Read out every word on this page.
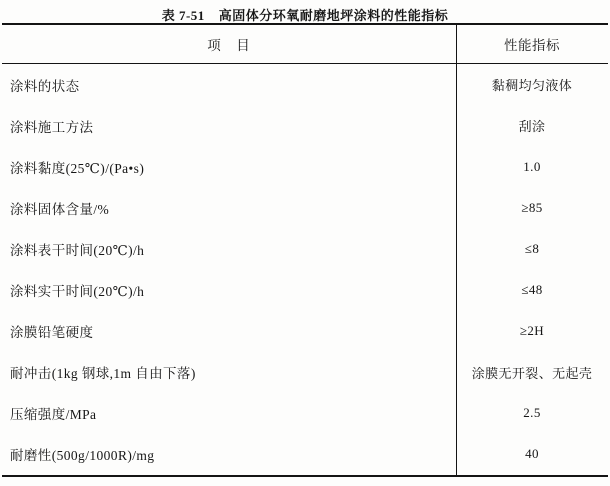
表 7-51 高固体分环氧耐磨地坪涂料的性能指标
项　目	性能指标
涂料的状态	黏稠均匀液体
涂料施工方法	刮涂
涂料黏度(25℃)/(Pa•s)	1.0
涂料固体含量/%	≥85
涂料表干时间(20℃)/h	≤8
涂料实干时间(20℃)/h	≤48
涂膜铅笔硬度	≥2H
耐冲击(1kg 钢球,1m 自由下落)	涂膜无开裂、无起壳
压缩强度/MPa	2.5
耐磨性(500g/1000R)/mg	40
